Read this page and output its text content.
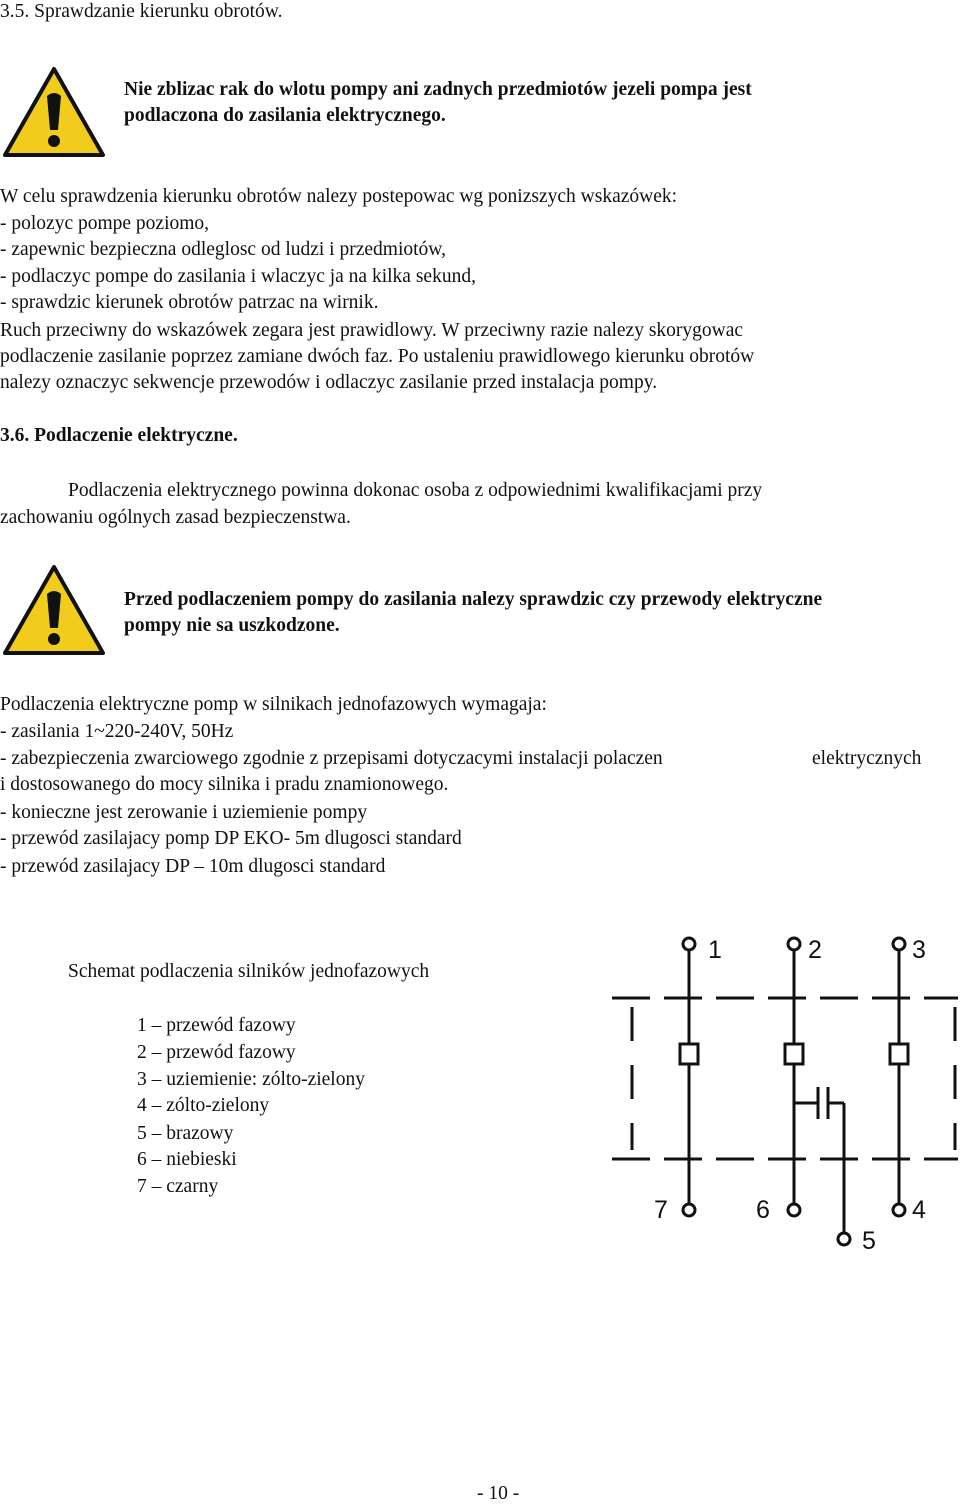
3.5. Sprawdzanie kierunku obrotów.
Nie zblizac rak do wlotu pompy ani zadnych przedmiotów jezeli pompa jest
podlaczona do zasilania elektrycznego.
W celu sprawdzenia kierunku obrotów nalezy postepowac wg ponizszych wskazówek:
- polozyc pompe poziomo,
- zapewnic bezpieczna odleglosc od ludzi i przedmiotów,
- podlaczyc pompe do zasilania i wlaczyc ja na kilka sekund,
- sprawdzic kierunek obrotów patrzac na wirnik.
Ruch przeciwny do wskazówek zegara jest prawidlowy. W przeciwny razie nalezy skorygowac
podlaczenie zasilanie poprzez zamiane dwóch faz. Po ustaleniu prawidlowego kierunku obrotów
nalezy oznaczyc sekwencje przewodów i odlaczyc zasilanie przed instalacja pompy.
3.6. Podlaczenie elektryczne.
Podlaczenia elektrycznego powinna dokonac osoba z odpowiednimi kwalifikacjami przy
zachowaniu ogólnych zasad bezpieczenstwa.
Przed podlaczeniem pompy do zasilania nalezy sprawdzic czy przewody elektryczne
pompy nie sa uszkodzone.
Podlaczenia elektryczne pomp w silnikach jednofazowych wymagaja:
- zasilania 1~220-240V, 50Hz
- zabezpieczenia zwarciowego zgodnie z przepisami dotyczacymi instalacji polaczen	elektrycznych
i dostosowanego do mocy silnika i pradu znamionowego.
- konieczne jest zerowanie i uziemienie pompy
- przewód zasilajacy pomp DP EKO- 5m dlugosci standard
- przewód zasilajacy DP – 10m dlugosci standard
Schemat podlaczenia silników jednofazowych
1 – przewód fazowy
2 – przewód fazowy
3 – uziemienie: zólto-zielony
4 – zólto-zielony
5 – brazowy
6 – niebieski
7 – czarny
1	2	3
7	6
5
4
- 10 -
